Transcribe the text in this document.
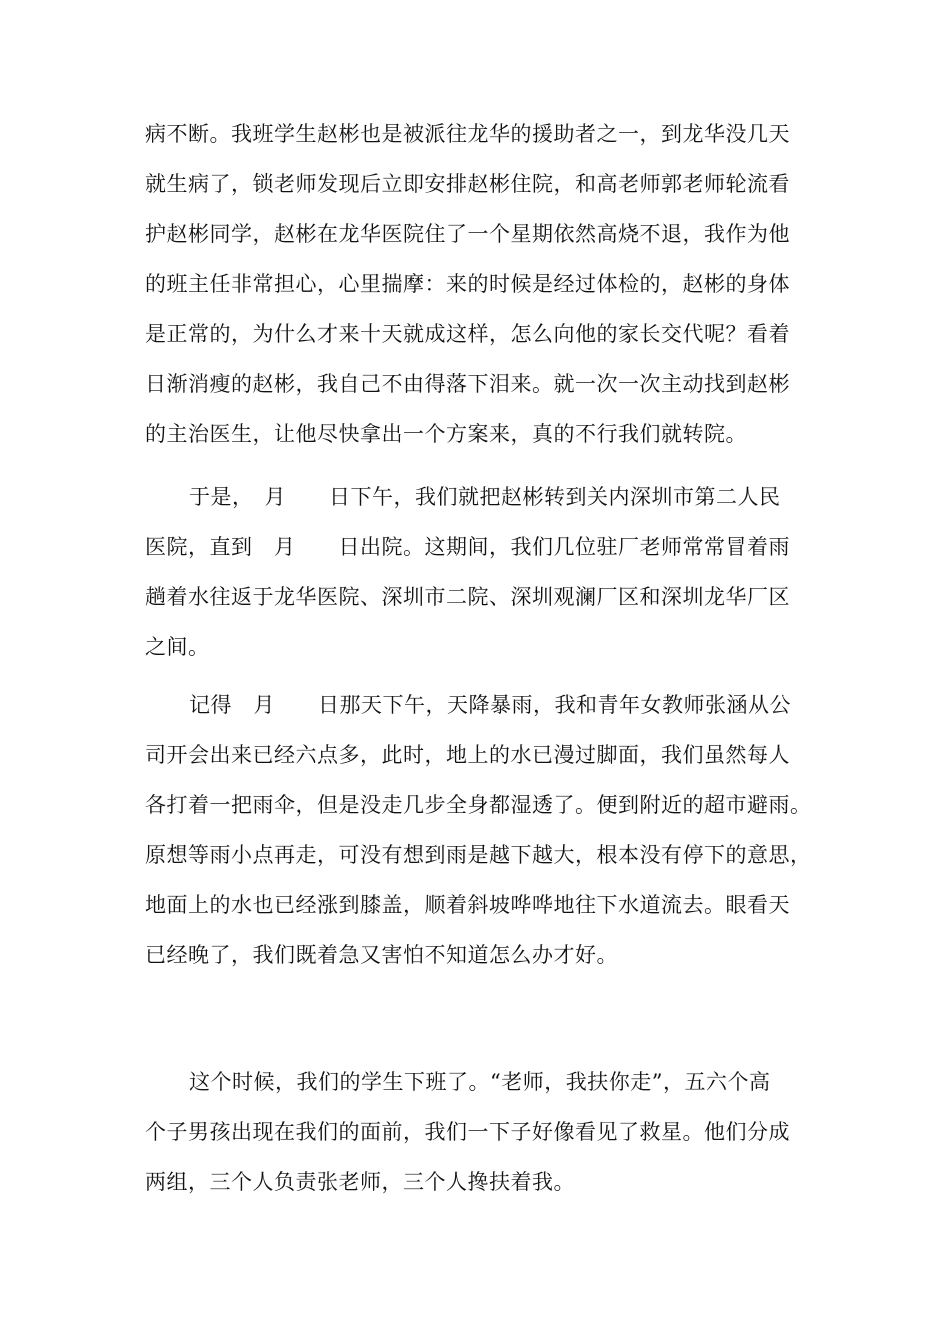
病不断。我班学生赵彬也是被派往龙华的援助者之一，到龙华没几天
就生病了，锁老师发现后立即安排赵彬住院，和高老师郭老师轮流看
护赵彬同学，赵彬在龙华医院住了一个星期依然高烧不退，我作为他
的班主任非常担心，心里揣摩：来的时候是经过体检的，赵彬的身体
是正常的，为什么才来十天就成这样，怎么向他的家长交代呢？看着
日渐消瘦的赵彬，我自己不由得落下泪来。就一次一次主动找到赵彬
的主治医生，让他尽快拿出一个方案来，真的不行我们就转院。
于是，　月　　日下午，我们就把赵彬转到关内深圳市第二人民
医院，直到　月　　日出院。这期间，我们几位驻厂老师常常冒着雨
趟着水往返于龙华医院、深圳市二院、深圳观澜厂区和深圳龙华厂区
之间。
记得　月　　日那天下午，天降暴雨，我和青年女教师张涵从公
司开会出来已经六点多，此时，地上的水已漫过脚面，我们虽然每人
各打着一把雨伞，但是没走几步全身都湿透了。便到附近的超市避雨。
原想等雨小点再走，可没有想到雨是越下越大，根本没有停下的意思，
地面上的水也已经涨到膝盖，顺着斜坡哗哗地往下水道流去。眼看天
已经晚了，我们既着急又害怕不知道怎么办才好。
这个时候，我们的学生下班了。“老师，我扶你走”，五六个高
个子男孩出现在我们的面前，我们一下子好像看见了救星。他们分成
两组，三个人负责张老师，三个人搀扶着我。
